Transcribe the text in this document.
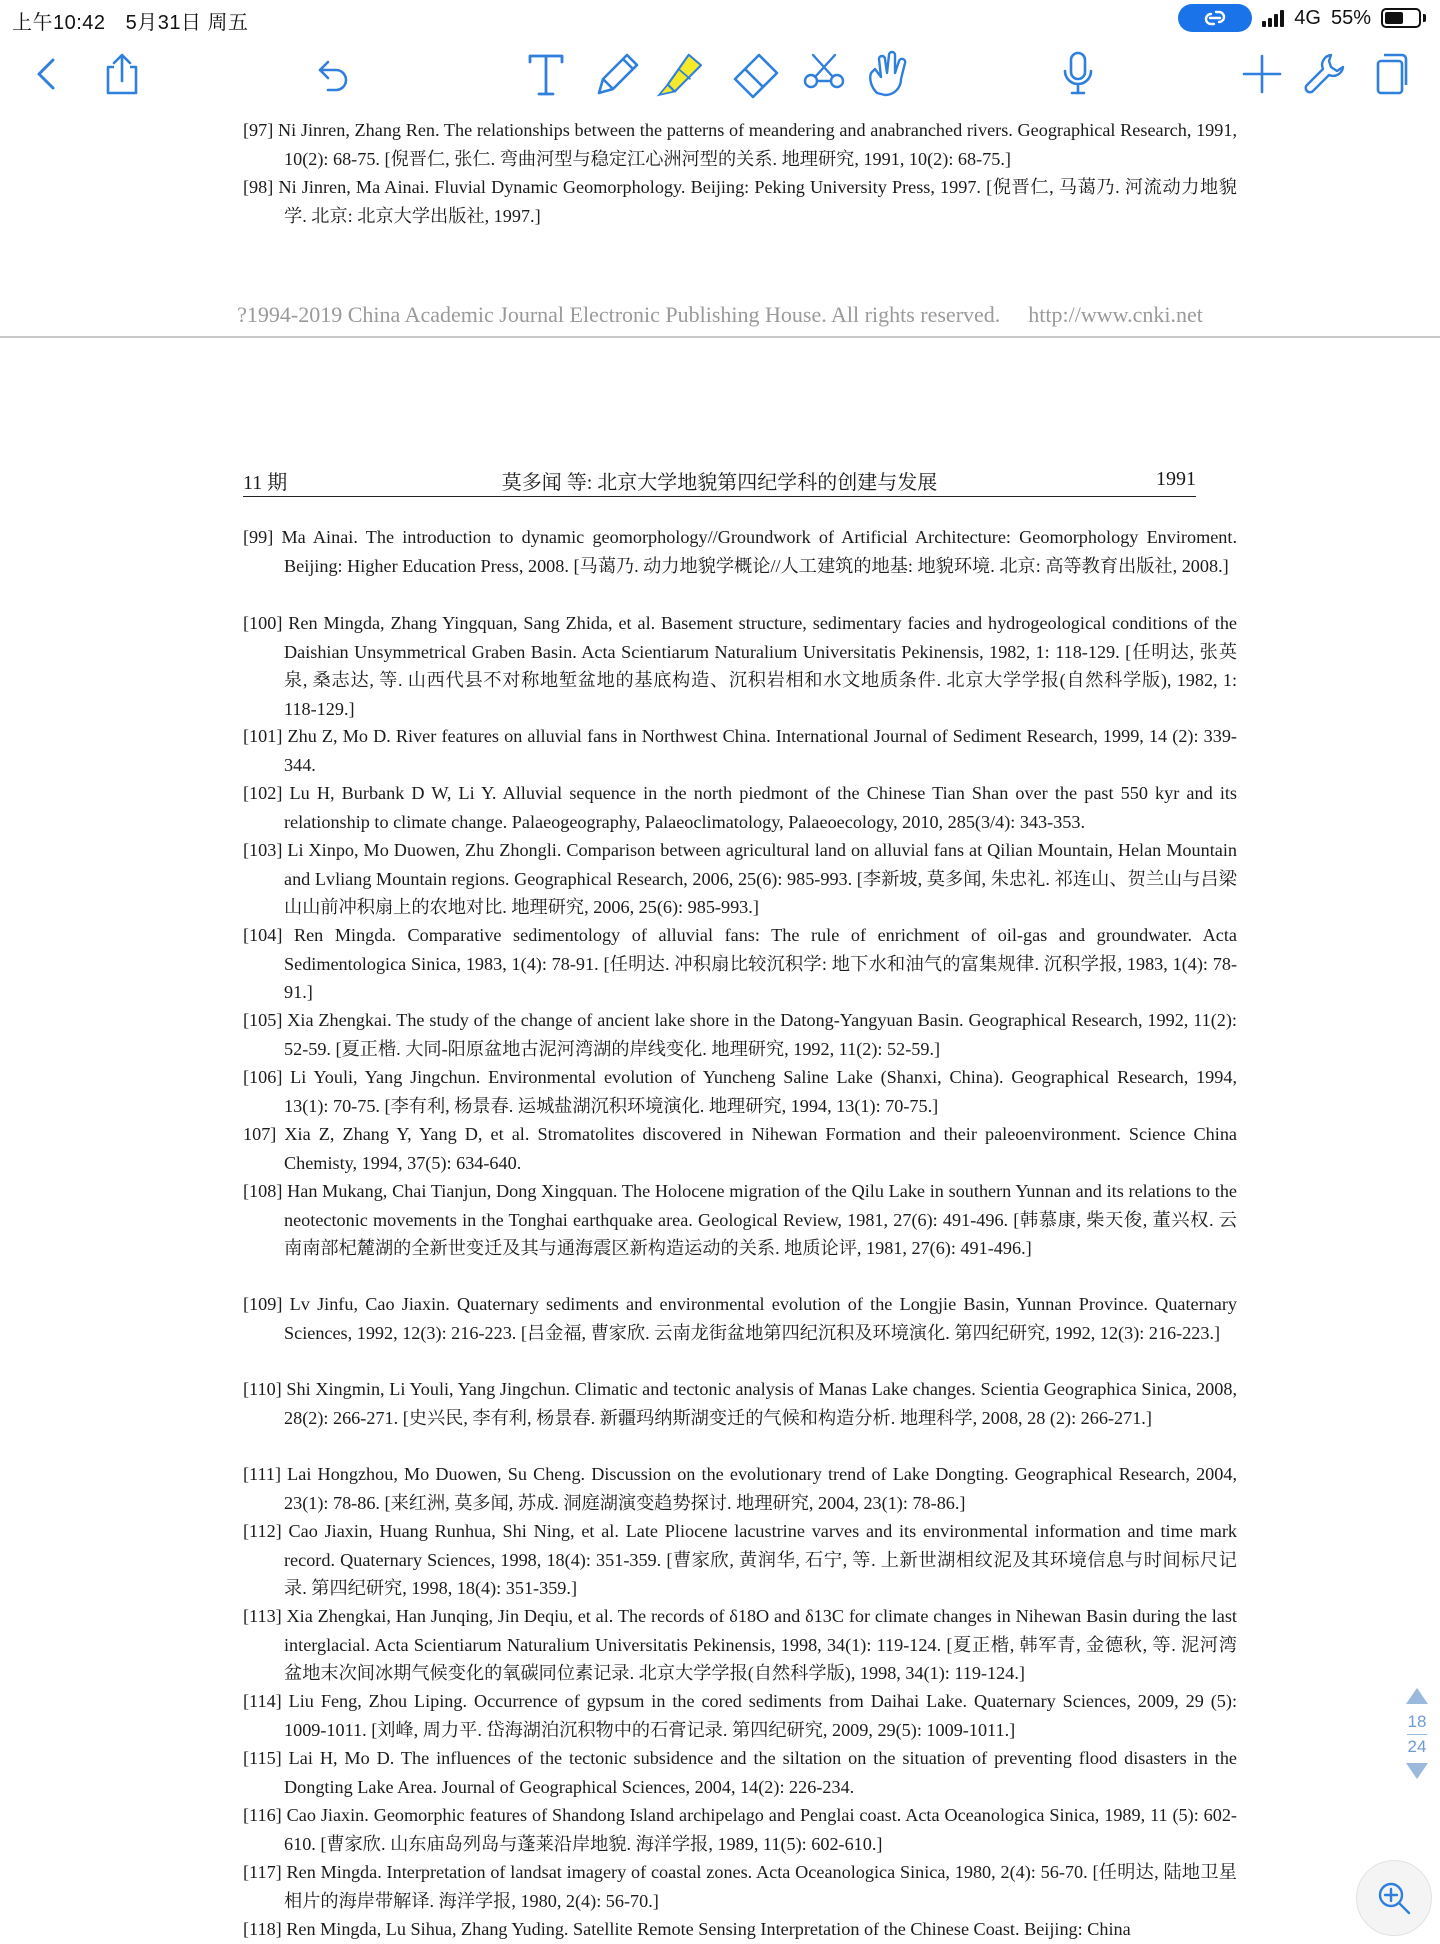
上午10:42 5月31日 周五	4G 55%
[97] Ni Jinren, Zhang Ren. The relationships between the patterns of meandering and anabranched rivers. Geographical Research, 1991, 10(2): 68-75. [倪晋仁, 张仁. 弯曲河型与稳定江心洲河型的关系. 地理研究, 1991, 10(2): 68-75.]
[98] Ni Jinren, Ma Ainai. Fluvial Dynamic Geomorphology. Beijing: Peking University Press, 1997. [倪晋仁, 马蔼乃. 河流动力地貌学. 北京: 北京大学出版社, 1997.]
?1994-2019 China Academic Journal Electronic Publishing House. All rights reserved. http://www.cnki.net
11 期	莫多闻 等: 北京大学地貌第四纪学科的创建与发展	1991
[99] Ma Ainai. The introduction to dynamic geomorphology//Groundwork of Artificial Architecture: Geomorphology Enviroment. Beijing: Higher Education Press, 2008. [马蔼乃. 动力地貌学概论//人工建筑的地基: 地貌环境. 北京: 高等教育出版社, 2008.]
[100] Ren Mingda, Zhang Yingquan, Sang Zhida, et al. Basement structure, sedimentary facies and hydrogeological conditions of the Daishian Unsymmetrical Graben Basin. Acta Scientiarum Naturalium Universitatis Pekinensis, 1982, 1: 118-129. [任明达, 张英泉, 桑志达, 等. 山西代县不对称地堑盆地的基底构造、沉积岩相和水文地质条件. 北京大学学报(自然科学版), 1982, 1: 118-129.]
[101] Zhu Z, Mo D. River features on alluvial fans in Northwest China. International Journal of Sediment Research, 1999, 14 (2): 339-344.
[102] Lu H, Burbank D W, Li Y. Alluvial sequence in the north piedmont of the Chinese Tian Shan over the past 550 kyr and its relationship to climate change. Palaeogeography, Palaeoclimatology, Palaeoecology, 2010, 285(3/4): 343-353.
[103] Li Xinpo, Mo Duowen, Zhu Zhongli. Comparison between agricultural land on alluvial fans at Qilian Mountain, Helan Mountain and Lvliang Mountain regions. Geographical Research, 2006, 25(6): 985-993. [李新坡, 莫多闻, 朱忠礼. 祁连山、贺兰山与吕梁山山前冲积扇上的农地对比. 地理研究, 2006, 25(6): 985-993.]
[104] Ren Mingda. Comparative sedimentology of alluvial fans: The rule of enrichment of oil-gas and groundwater. Acta Sedimentologica Sinica, 1983, 1(4): 78-91. [任明达. 冲积扇比较沉积学: 地下水和油气的富集规律. 沉积学报, 1983, 1(4): 78-91.]
[105] Xia Zhengkai. The study of the change of ancient lake shore in the Datong-Yangyuan Basin. Geographical Research, 1992, 11(2): 52-59. [夏正楷. 大同-阳原盆地古泥河湾湖的岸线变化. 地理研究, 1992, 11(2): 52-59.]
[106] Li Youli, Yang Jingchun. Environmental evolution of Yuncheng Saline Lake (Shanxi, China). Geographical Research, 1994, 13(1): 70-75. [李有利, 杨景春. 运城盐湖沉积环境演化. 地理研究, 1994, 13(1): 70-75.]
107] Xia Z, Zhang Y, Yang D, et al. Stromatolites discovered in Nihewan Formation and their paleoenvironment. Science China Chemisty, 1994, 37(5): 634-640.
[108] Han Mukang, Chai Tianjun, Dong Xingquan. The Holocene migration of the Qilu Lake in southern Yunnan and its relations to the neotectonic movements in the Tonghai earthquake area. Geological Review, 1981, 27(6): 491-496. [韩慕康, 柴天俊, 董兴权. 云南南部杞麓湖的全新世变迁及其与通海震区新构造运动的关系. 地质论评, 1981, 27(6): 491-496.]
[109] Lv Jinfu, Cao Jiaxin. Quaternary sediments and environmental evolution of the Longjie Basin, Yunnan Province. Quaternary Sciences, 1992, 12(3): 216-223. [吕金福, 曹家欣. 云南龙街盆地第四纪沉积及环境演化. 第四纪研究, 1992, 12(3): 216-223.]
[110] Shi Xingmin, Li Youli, Yang Jingchun. Climatic and tectonic analysis of Manas Lake changes. Scientia Geographica Sinica, 2008, 28(2): 266-271. [史兴民, 李有利, 杨景春. 新疆玛纳斯湖变迁的气候和构造分析. 地理科学, 2008, 28 (2): 266-271.]
[111] Lai Hongzhou, Mo Duowen, Su Cheng. Discussion on the evolutionary trend of Lake Dongting. Geographical Research, 2004, 23(1): 78-86. [来红洲, 莫多闻, 苏成. 洞庭湖演变趋势探讨. 地理研究, 2004, 23(1): 78-86.]
[112] Cao Jiaxin, Huang Runhua, Shi Ning, et al. Late Pliocene lacustrine varves and its environmental information and time mark record. Quaternary Sciences, 1998, 18(4): 351-359. [曹家欣, 黄润华, 石宁, 等. 上新世湖相纹泥及其环境信息与时间标尺记录. 第四纪研究, 1998, 18(4): 351-359.]
[113] Xia Zhengkai, Han Junqing, Jin Deqiu, et al. The records of δ18O and δ13C for climate changes in Nihewan Basin during the last interglacial. Acta Scientiarum Naturalium Universitatis Pekinensis, 1998, 34(1): 119-124. [夏正楷, 韩军青, 金德秋, 等. 泥河湾盆地末次间冰期气候变化的氧碳同位素记录. 北京大学学报(自然科学版), 1998, 34(1): 119-124.]
[114] Liu Feng, Zhou Liping. Occurrence of gypsum in the cored sediments from Daihai Lake. Quaternary Sciences, 2009, 29 (5): 1009-1011. [刘峰, 周力平. 岱海湖泊沉积物中的石膏记录. 第四纪研究, 2009, 29(5): 1009-1011.]
[115] Lai H, Mo D. The influences of the tectonic subsidence and the siltation on the situation of preventing flood disasters in the Dongting Lake Area. Journal of Geographical Sciences, 2004, 14(2): 226-234.
[116] Cao Jiaxin. Geomorphic features of Shandong Island archipelago and Penglai coast. Acta Oceanologica Sinica, 1989, 11 (5): 602-610. [曹家欣. 山东庙岛列岛与蓬莱沿岸地貌. 海洋学报, 1989, 11(5): 602-610.]
[117] Ren Mingda. Interpretation of landsat imagery of coastal zones. Acta Oceanologica Sinica, 1980, 2(4): 56-70. [任明达, 陆地卫星相片的海岸带解译. 海洋学报, 1980, 2(4): 56-70.]
[118] Ren Mingda, Lu Sihua, Zhang Yuding. Satellite Remote Sensing Interpretation of the Chinese Coast. Beijing: China
18
24
